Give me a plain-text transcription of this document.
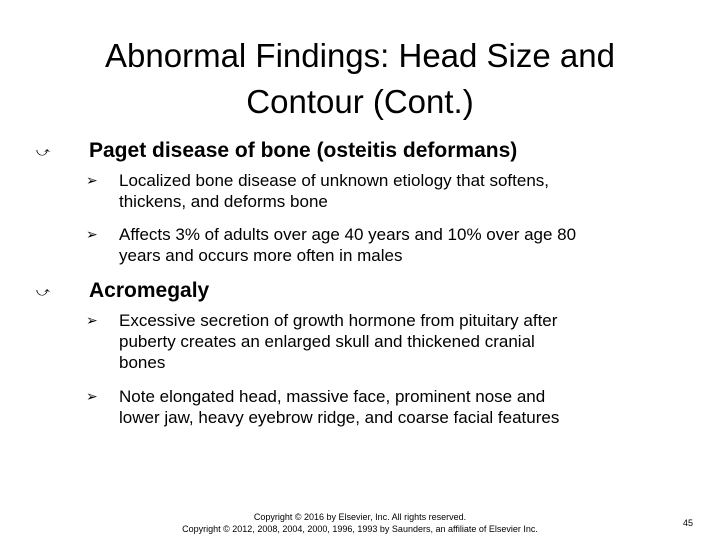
Abnormal Findings: Head Size and
Contour (Cont.)
⤻ Paget disease of bone (osteitis deformans)
➢ Localized bone disease of unknown etiology that softens,
thickens, and deforms bone
➢ Affects 3% of adults over age 40 years and 10% over age 80
years and occurs more often in males
⤻ Acromegaly
➢ Excessive secretion of growth hormone from pituitary after
puberty creates an enlarged skull and thickened cranial
bones
➢ Note elongated head, massive face, prominent nose and
lower jaw, heavy eyebrow ridge, and coarse facial features
Copyright © 2016 by Elsevier, Inc. All rights reserved.
Copyright © 2012, 2008, 2004, 2000, 1996, 1993 by Saunders, an affiliate of Elsevier Inc.
45
